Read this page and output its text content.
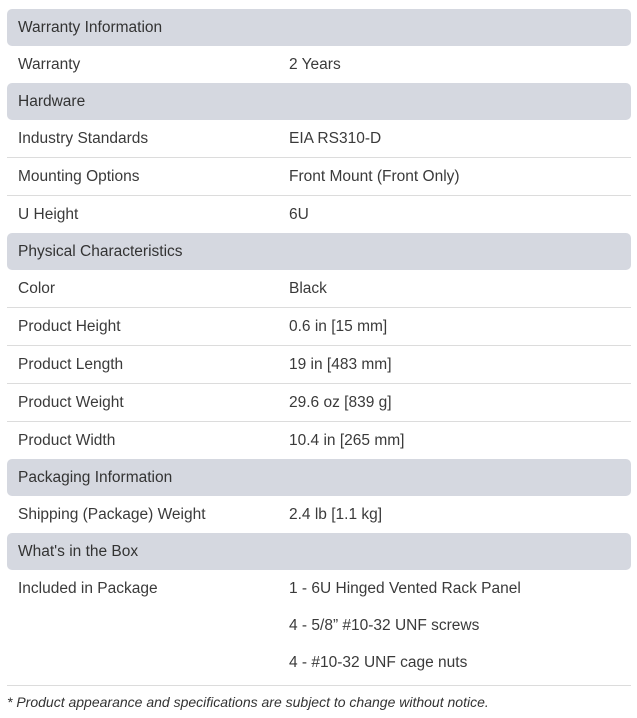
Warranty Information
Warranty	2 Years
Hardware
Industry Standards	EIA RS310-D
Mounting Options	Front Mount (Front Only)
U Height	6U
Physical Characteristics
Color	Black
Product Height	0.6 in [15 mm]
Product Length	19 in [483 mm]
Product Weight	29.6 oz [839 g]
Product Width	10.4 in [265 mm]
Packaging Information
Shipping (Package) Weight	2.4 lb [1.1 kg]
What's in the Box
Included in Package	1 - 6U Hinged Vented Rack Panel
4 - 5/8” #10-32 UNF screws
4 - #10-32 UNF cage nuts
* Product appearance and specifications are subject to change without notice.
